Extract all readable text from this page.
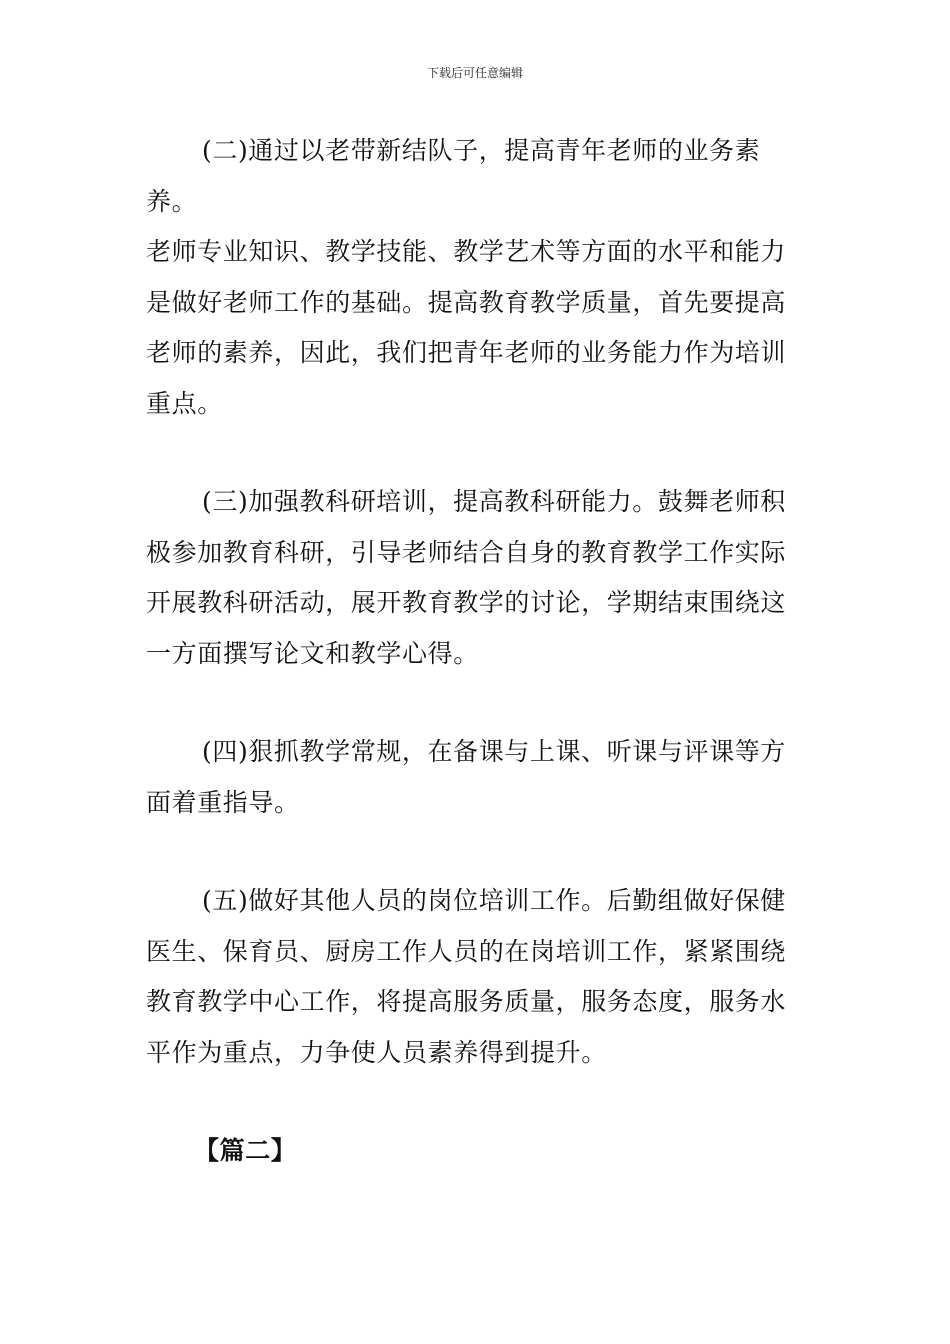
下载后可任意编辑

(二)通过以老带新结队子，提高青年老师的业务素养。
老师专业知识、教学技能、教学艺术等方面的水平和能力
是做好老师工作的基础。提高教育教学质量，首先要提高
老师的素养，因此，我们把青年老师的业务能力作为培训
重点。

(三)加强教科研培训，提高教科研能力。鼓舞老师积
极参加教育科研，引导老师结合自身的教育教学工作实际
开展教科研活动，展开教育教学的讨论，学期结束围绕这
一方面撰写论文和教学心得。

(四)狠抓教学常规，在备课与上课、听课与评课等方
面着重指导。

(五)做好其他人员的岗位培训工作。后勤组做好保健
医生、保育员、厨房工作人员的在岗培训工作，紧紧围绕
教育教学中心工作，将提高服务质量，服务态度，服务水
平作为重点，力争使人员素养得到提升。

【篇二】
